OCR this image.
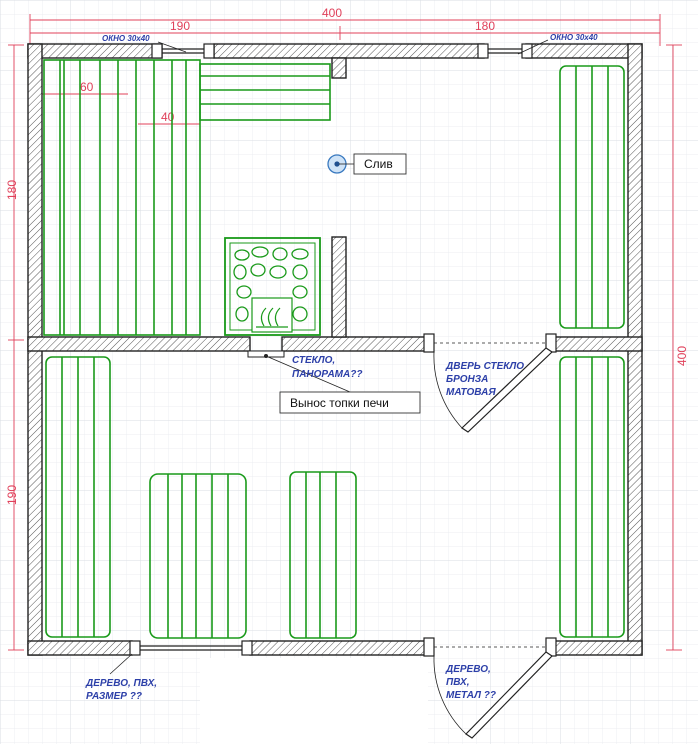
190
400
180
180
190
400
60
40
Слив
Вынос топки печи
ОКНО 30х40	ОКНО 30х40
СТЕКЛО,
ПАНОРАМА??
ДВЕРЬ СТЕКЛО
БРОНЗА
МАТОВАЯ
ДЕРЕВО, ПВХ,
РАЗМЕР ??
ДЕРЕВО,
ПВХ,
МЕТАЛ ??
